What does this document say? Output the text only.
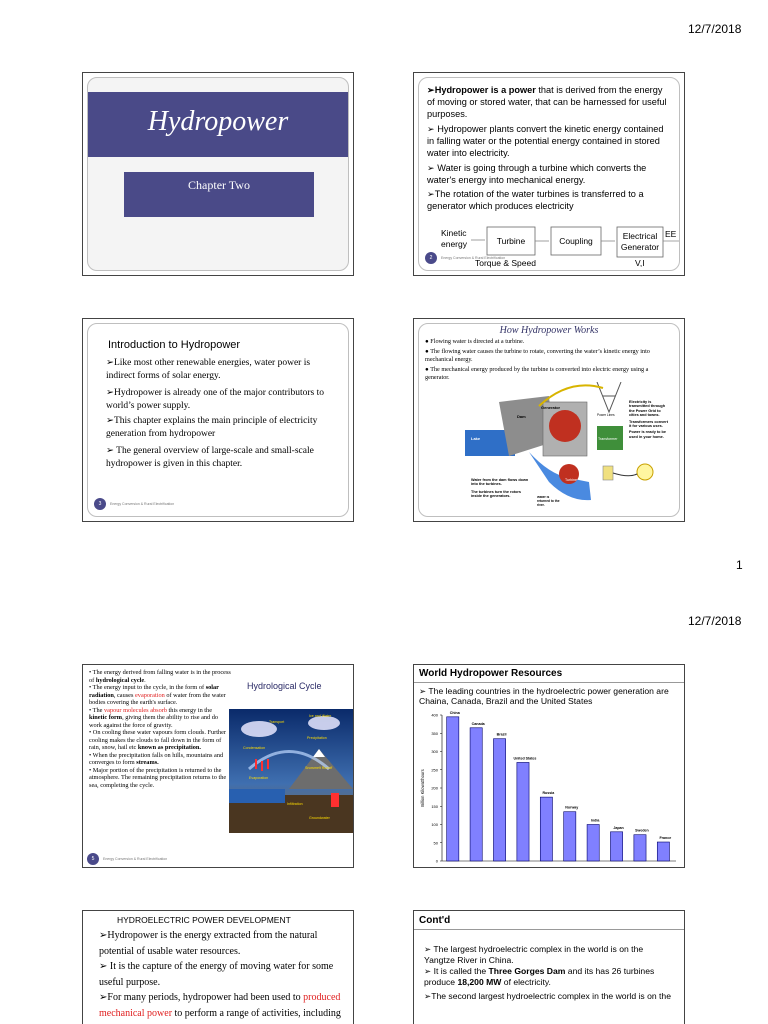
12/7/2018
Hydropower
Chapter Two
➢Hydropower is a power that is derived from the energy of moving or stored water, that can be harnessed for useful purposes.
➢ Hydropower plants convert the kinetic energy contained in falling water or the potential energy contained in stored water into electricity.
➢ Water is going through a turbine which converts the water's energy into mechanical energy.
➢The rotation of the water turbines is transferred to a generator which produces electricity
Kinetic
energy	Turbine	Coupling	Electrical
Generator
EE
Torque & Speed	V,I
2	Energy Conversion & Rural Electrification
Introduction to Hydropower
➢Like most other renewable energies, water power is indirect forms of solar energy.
➢Hydropower is already one of the major contributors to world’s power supply.
➢This chapter explains the main principle of electricity generation from hydropower
➢ The general overview of large-scale and small-scale hydropower is given in this chapter.
3	Energy Conversion & Rural Electrification
How Hydropower Works
● Flowing water is directed at a turbine.
● The flowing water causes the turbine to rotate, converting the water’s kinetic energy into mechanical energy.
● The mechanical energy produced by the turbine is converted into electric energy using a generator.
Generator
Dam
Lake	Transformer
Turbine
Power Lines
Electricity is transmitted through the Power Grid to cities and towns.
Transformers convert it for various uses.
Power is ready to be used in your home.
Water from the dam flows down into the turbines.
The turbines turn the rotors inside the generators.	Water is returned to the river.
1
12/7/2018
• The energy derived from falling water is in the process of hydrological cycle.
• The energy input to the cycle, in the form of solar radiation, causes evaporation of water from the water bodies covering the earth's surface.
• The vapour molecules absorb this energy in the kinetic form, giving them the ability to rise and do work against the force of gravity.
• On cooling these water vapours form clouds. Further cooling makes the clouds to fall down in the form of rain, snow, hail etc known as precipitation.
• When the precipitation falls on hills, mountains and converges to form streams.
• Major portion of the precipitation is returned to the atmosphere. The remaining precipitation returns to the sea, completing the cycle.
Hydrological Cycle
Transport
Ice and Water
Condensation
Precipitation
Evaporation
Snowmelt Runoff
Infiltration
Groundwater
5	Energy Conversion & Rural Electrification
World Hydropower Resources
➢ The leading countries in the hydroelectric power generation are Chaina, Canada, Brazil and the United States
0
50
100
150
200
250
300
350
400
Billion Kilowatthours
China
Canada
Brazil
United States
Russia
Norway
India
Japan
Sweden
France
HYDROELECTRIC POWER DEVELOPMENT
➢Hydropower is the energy extracted from the natural potential of usable water resources.
➢ It is the capture of the energy of moving water for some useful purpose.
➢For many periods, hydropower had been used to produced mechanical power to perform a range of activities, including
Cont'd
➢ The largest hydroelectric complex in the world is on the Yangtze River in China.
➢ It is called the Three Gorges Dam and its has 26 turbines produce 18,200 MW of electricity.
➢The second largest hydroelectric complex in the world is on the
